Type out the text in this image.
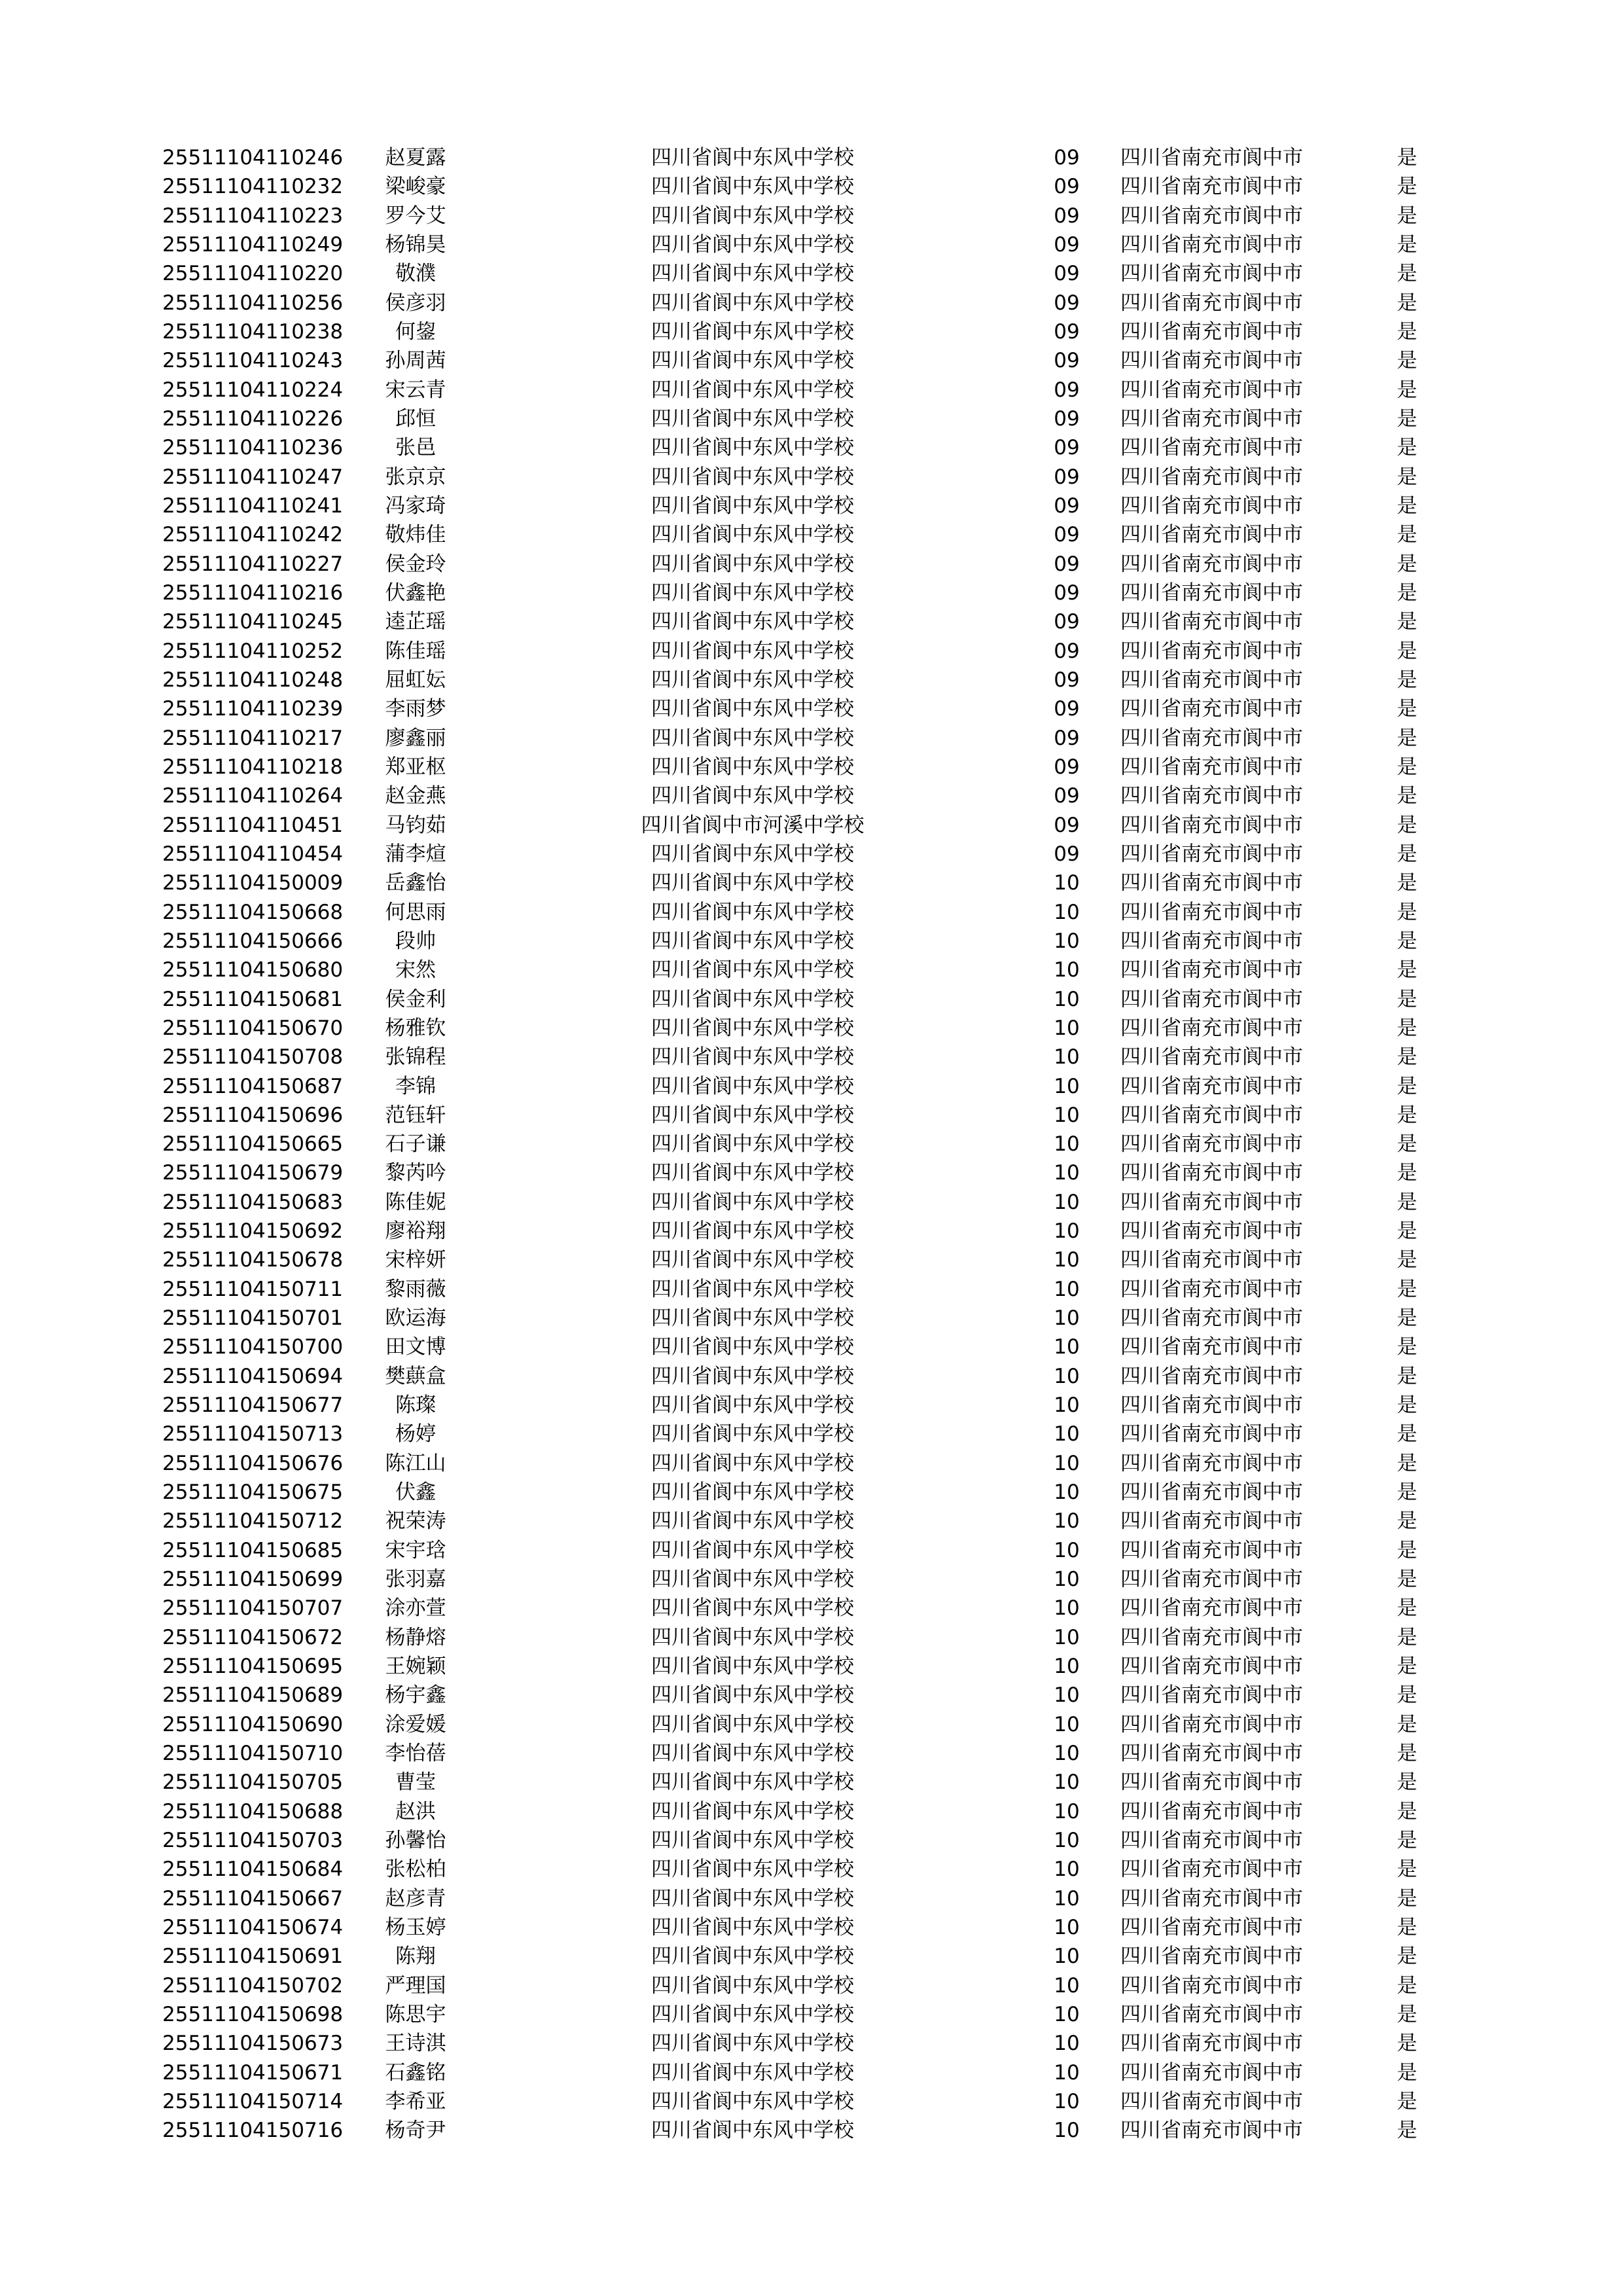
25511104110246	赵夏露	四川省阆中东风中学校	09	四川省南充市阆中市	是
25511104110232	梁峻豪	四川省阆中东风中学校	09	四川省南充市阆中市	是
25511104110223	罗今艾	四川省阆中东风中学校	09	四川省南充市阆中市	是
25511104110249	杨锦昊	四川省阆中东风中学校	09	四川省南充市阆中市	是
25511104110220	敬濮	四川省阆中东风中学校	09	四川省南充市阆中市	是
25511104110256	侯彦羽	四川省阆中东风中学校	09	四川省南充市阆中市	是
25511104110238	何鋆	四川省阆中东风中学校	09	四川省南充市阆中市	是
25511104110243	孙周茜	四川省阆中东风中学校	09	四川省南充市阆中市	是
25511104110224	宋云青	四川省阆中东风中学校	09	四川省南充市阆中市	是
25511104110226	邱恒	四川省阆中东风中学校	09	四川省南充市阆中市	是
25511104110236	张邑	四川省阆中东风中学校	09	四川省南充市阆中市	是
25511104110247	张京京	四川省阆中东风中学校	09	四川省南充市阆中市	是
25511104110241	冯家琦	四川省阆中东风中学校	09	四川省南充市阆中市	是
25511104110242	敬炜佳	四川省阆中东风中学校	09	四川省南充市阆中市	是
25511104110227	侯金玲	四川省阆中东风中学校	09	四川省南充市阆中市	是
25511104110216	伏鑫艳	四川省阆中东风中学校	09	四川省南充市阆中市	是
25511104110245	逵芷瑶	四川省阆中东风中学校	09	四川省南充市阆中市	是
25511104110252	陈佳瑶	四川省阆中东风中学校	09	四川省南充市阆中市	是
25511104110248	屈虹妘	四川省阆中东风中学校	09	四川省南充市阆中市	是
25511104110239	李雨梦	四川省阆中东风中学校	09	四川省南充市阆中市	是
25511104110217	廖鑫丽	四川省阆中东风中学校	09	四川省南充市阆中市	是
25511104110218	郑亚枢	四川省阆中东风中学校	09	四川省南充市阆中市	是
25511104110264	赵金燕	四川省阆中东风中学校	09	四川省南充市阆中市	是
25511104110451	马钧茹	四川省阆中市河溪中学校	09	四川省南充市阆中市	是
25511104110454	蒲李煊	四川省阆中东风中学校	09	四川省南充市阆中市	是
25511104150009	岳鑫怡	四川省阆中东风中学校	10	四川省南充市阆中市	是
25511104150668	何思雨	四川省阆中东风中学校	10	四川省南充市阆中市	是
25511104150666	段帅	四川省阆中东风中学校	10	四川省南充市阆中市	是
25511104150680	宋然	四川省阆中东风中学校	10	四川省南充市阆中市	是
25511104150681	侯金利	四川省阆中东风中学校	10	四川省南充市阆中市	是
25511104150670	杨雅钦	四川省阆中东风中学校	10	四川省南充市阆中市	是
25511104150708	张锦程	四川省阆中东风中学校	10	四川省南充市阆中市	是
25511104150687	李锦	四川省阆中东风中学校	10	四川省南充市阆中市	是
25511104150696	范钰轩	四川省阆中东风中学校	10	四川省南充市阆中市	是
25511104150665	石子谦	四川省阆中东风中学校	10	四川省南充市阆中市	是
25511104150679	黎芮吟	四川省阆中东风中学校	10	四川省南充市阆中市	是
25511104150683	陈佳妮	四川省阆中东风中学校	10	四川省南充市阆中市	是
25511104150692	廖裕翔	四川省阆中东风中学校	10	四川省南充市阆中市	是
25511104150678	宋梓妍	四川省阆中东风中学校	10	四川省南充市阆中市	是
25511104150711	黎雨薇	四川省阆中东风中学校	10	四川省南充市阆中市	是
25511104150701	欧运海	四川省阆中东风中学校	10	四川省南充市阆中市	是
25511104150700	田文博	四川省阆中东风中学校	10	四川省南充市阆中市	是
25511104150694	樊蕻盒	四川省阆中东风中学校	10	四川省南充市阆中市	是
25511104150677	陈璨	四川省阆中东风中学校	10	四川省南充市阆中市	是
25511104150713	杨婷	四川省阆中东风中学校	10	四川省南充市阆中市	是
25511104150676	陈江山	四川省阆中东风中学校	10	四川省南充市阆中市	是
25511104150675	伏鑫	四川省阆中东风中学校	10	四川省南充市阆中市	是
25511104150712	祝荣涛	四川省阆中东风中学校	10	四川省南充市阆中市	是
25511104150685	宋宇琀	四川省阆中东风中学校	10	四川省南充市阆中市	是
25511104150699	张羽嘉	四川省阆中东风中学校	10	四川省南充市阆中市	是
25511104150707	涂亦萱	四川省阆中东风中学校	10	四川省南充市阆中市	是
25511104150672	杨静熔	四川省阆中东风中学校	10	四川省南充市阆中市	是
25511104150695	王婉颖	四川省阆中东风中学校	10	四川省南充市阆中市	是
25511104150689	杨宇鑫	四川省阆中东风中学校	10	四川省南充市阆中市	是
25511104150690	涂爱媛	四川省阆中东风中学校	10	四川省南充市阆中市	是
25511104150710	李怡蓓	四川省阆中东风中学校	10	四川省南充市阆中市	是
25511104150705	曹莹	四川省阆中东风中学校	10	四川省南充市阆中市	是
25511104150688	赵洪	四川省阆中东风中学校	10	四川省南充市阆中市	是
25511104150703	孙馨怡	四川省阆中东风中学校	10	四川省南充市阆中市	是
25511104150684	张松柏	四川省阆中东风中学校	10	四川省南充市阆中市	是
25511104150667	赵彦青	四川省阆中东风中学校	10	四川省南充市阆中市	是
25511104150674	杨玉婷	四川省阆中东风中学校	10	四川省南充市阆中市	是
25511104150691	陈翔	四川省阆中东风中学校	10	四川省南充市阆中市	是
25511104150702	严理国	四川省阆中东风中学校	10	四川省南充市阆中市	是
25511104150698	陈思宇	四川省阆中东风中学校	10	四川省南充市阆中市	是
25511104150673	王诗淇	四川省阆中东风中学校	10	四川省南充市阆中市	是
25511104150671	石鑫铭	四川省阆中东风中学校	10	四川省南充市阆中市	是
25511104150714	李希亚	四川省阆中东风中学校	10	四川省南充市阆中市	是
25511104150716	杨奇尹	四川省阆中东风中学校	10	四川省南充市阆中市	是
